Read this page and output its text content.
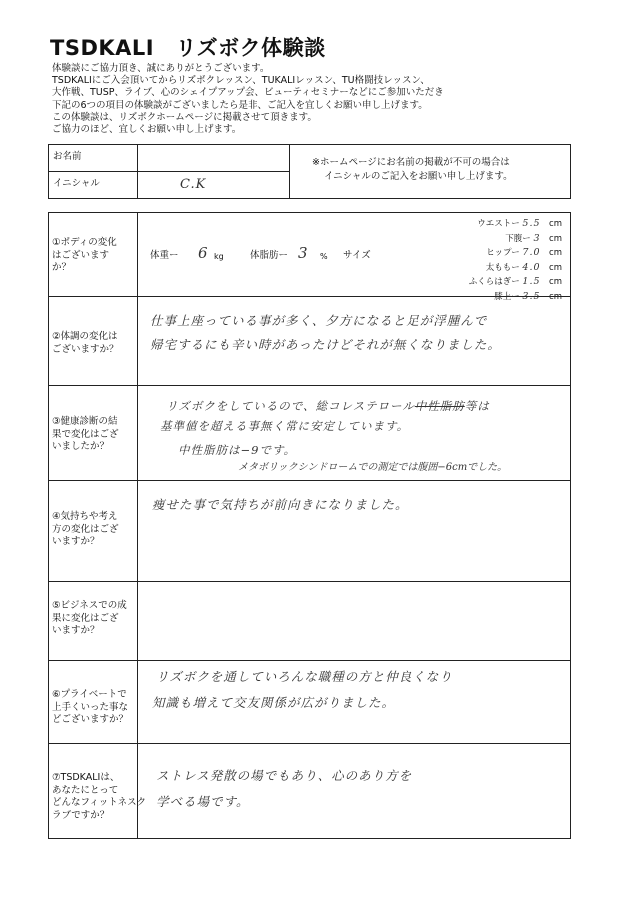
TSDKALI　リズボク体験談
体験談にご協力頂き、誠にありがとうございます。
TSDKALIにご入会頂いてからリズボクレッスン、TUKALIレッスン、TU格闘技レッスン、
大作戦、TUSP、ライブ、心のシェイプアップ会、ビューティセミナーなどにご参加いただき
下記の6つの項目の体験談がございましたら是非、ご記入を宜しくお願い申し上げます。
この体験談は、リズボクホームページに掲載させて頂きます。
ご協力のほど、宜しくお願い申し上げます。
お名前
イニシャル	C.K
※ホームページにお名前の掲載が不可の場合は
イニシャルのご記入をお願い申し上げます。
①ボディの変化
はございます
か？
体重ー 6 kg	体脂肪ー 3 % サイズ
ウエストー 5.5　 cm
下腹ー 3　 cm
ヒップー 7.0　 cm
太ももー 4.0　 cm
ふくらはぎー 1.5　 cm
膝上ー 3.5　 cm
②体調の変化は
ございますか？
仕事上座っている事が多く、夕方になると足が浮腫んで
帰宅するにも辛い時があったけどそれが無くなりました。
③健康診断の結
果で変化はござ
いましたか？
リズボクをしているので、総コレステロール中性脂肪等は
基準値を超える事無く常に安定しています。
中性脂肪は−9です。
メタボリックシンドロームでの測定では腹囲−6cmでした。
④気持ちや考え
方の変化はござ
いますか？
痩せた事で気持ちが前向きになりました。
⑤ビジネスでの成
果に変化はござ
いますか？
⑥プライベートで
上手くいった事な
どございますか？
リズボクを通していろんな職種の方と仲良くなり
知識も増えて交友関係が広がりました。
⑦TSDKALIは、
あなたにとって
どんなフィットネスク
ラブですか？
ストレス発散の場でもあり、心のあり方を
学べる場です。
